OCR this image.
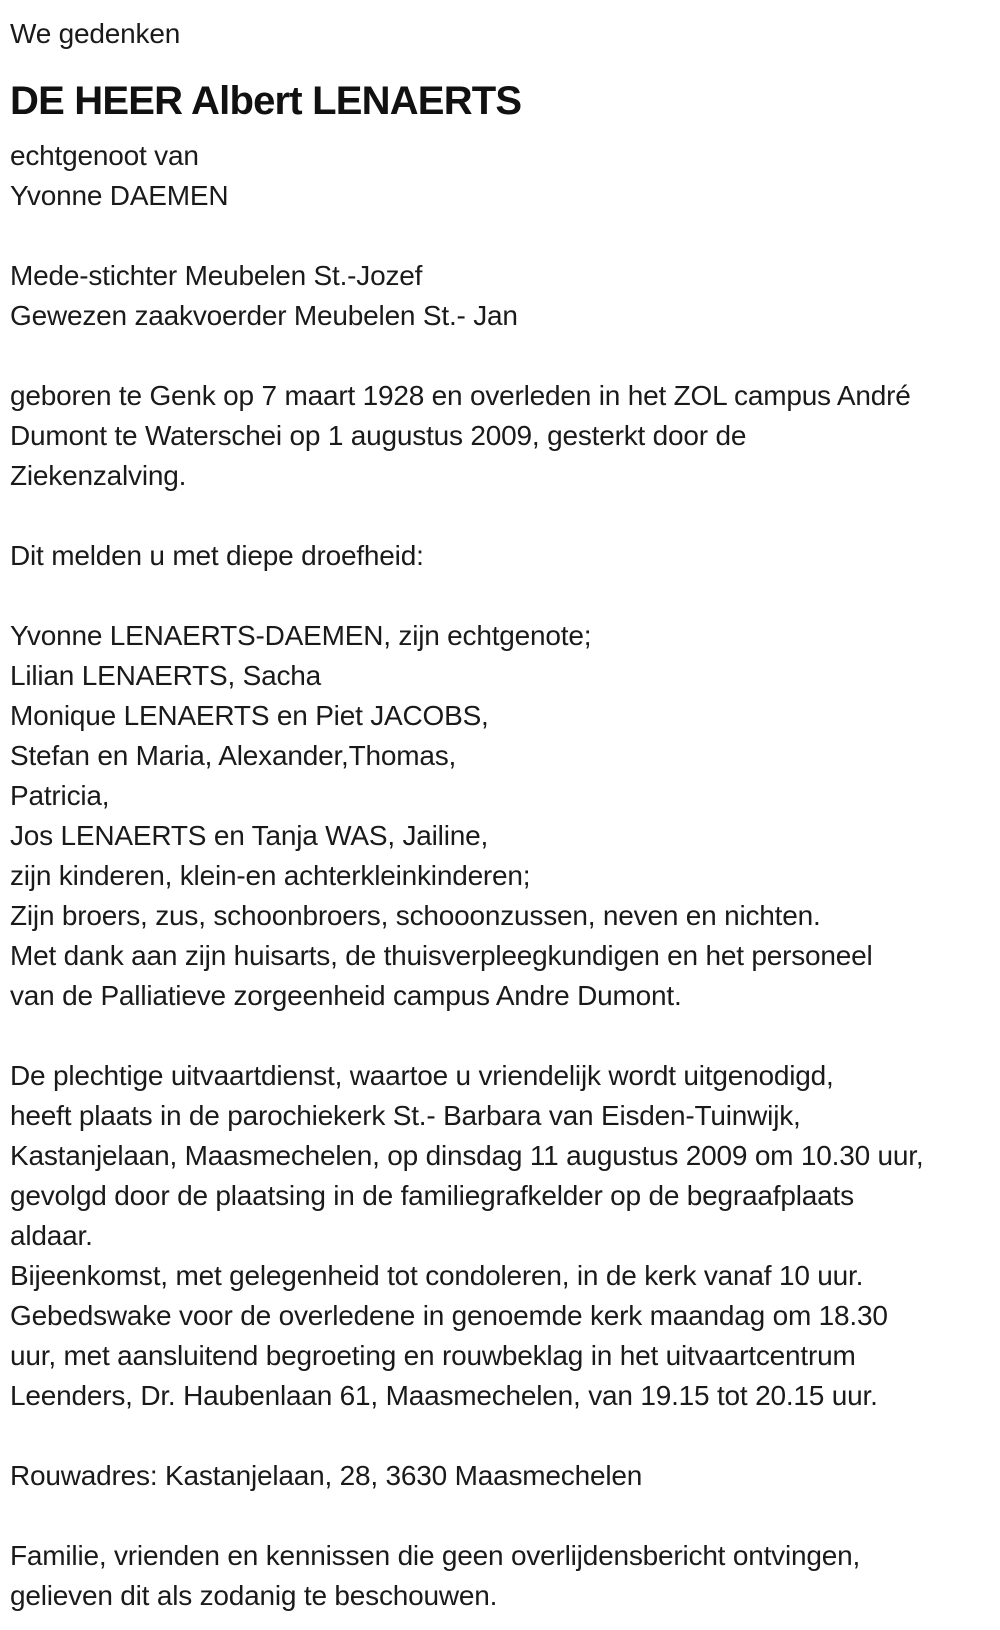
We gedenken
DE HEER Albert LENAERTS
echtgenoot van
Yvonne DAEMEN
Mede-stichter Meubelen St.-Jozef
Gewezen zaakvoerder Meubelen St.- Jan
geboren te Genk op 7 maart 1928 en overleden in het ZOL campus André
Dumont te Waterschei op 1 augustus 2009, gesterkt door de
Ziekenzalving.
Dit melden u met diepe droefheid:
Yvonne LENAERTS-DAEMEN, zijn echtgenote;
Lilian LENAERTS, Sacha
Monique LENAERTS en Piet JACOBS,
Stefan en Maria, Alexander,Thomas,
Patricia,
Jos LENAERTS en Tanja WAS, Jailine,
zijn kinderen, klein-en achterkleinkinderen;
Zijn broers, zus, schoonbroers, schooonzussen, neven en nichten.
Met dank aan zijn huisarts, de thuisverpleegkundigen en het personeel
van de Palliatieve zorgeenheid campus Andre Dumont.
De plechtige uitvaartdienst, waartoe u vriendelijk wordt uitgenodigd,
heeft plaats in de parochiekerk St.- Barbara van Eisden-Tuinwijk,
Kastanjelaan, Maasmechelen, op dinsdag 11 augustus 2009 om 10.30 uur,
gevolgd door de plaatsing in de familiegrafkelder op de begraafplaats
aldaar.
Bijeenkomst, met gelegenheid tot condoleren, in de kerk vanaf 10 uur.
Gebedswake voor de overledene in genoemde kerk maandag om 18.30
uur, met aansluitend begroeting en rouwbeklag in het uitvaartcentrum
Leenders, Dr. Haubenlaan 61, Maasmechelen, van 19.15 tot 20.15 uur.
Rouwadres: Kastanjelaan, 28, 3630 Maasmechelen
Familie, vrienden en kennissen die geen overlijdensbericht ontvingen,
gelieven dit als zodanig te beschouwen.
